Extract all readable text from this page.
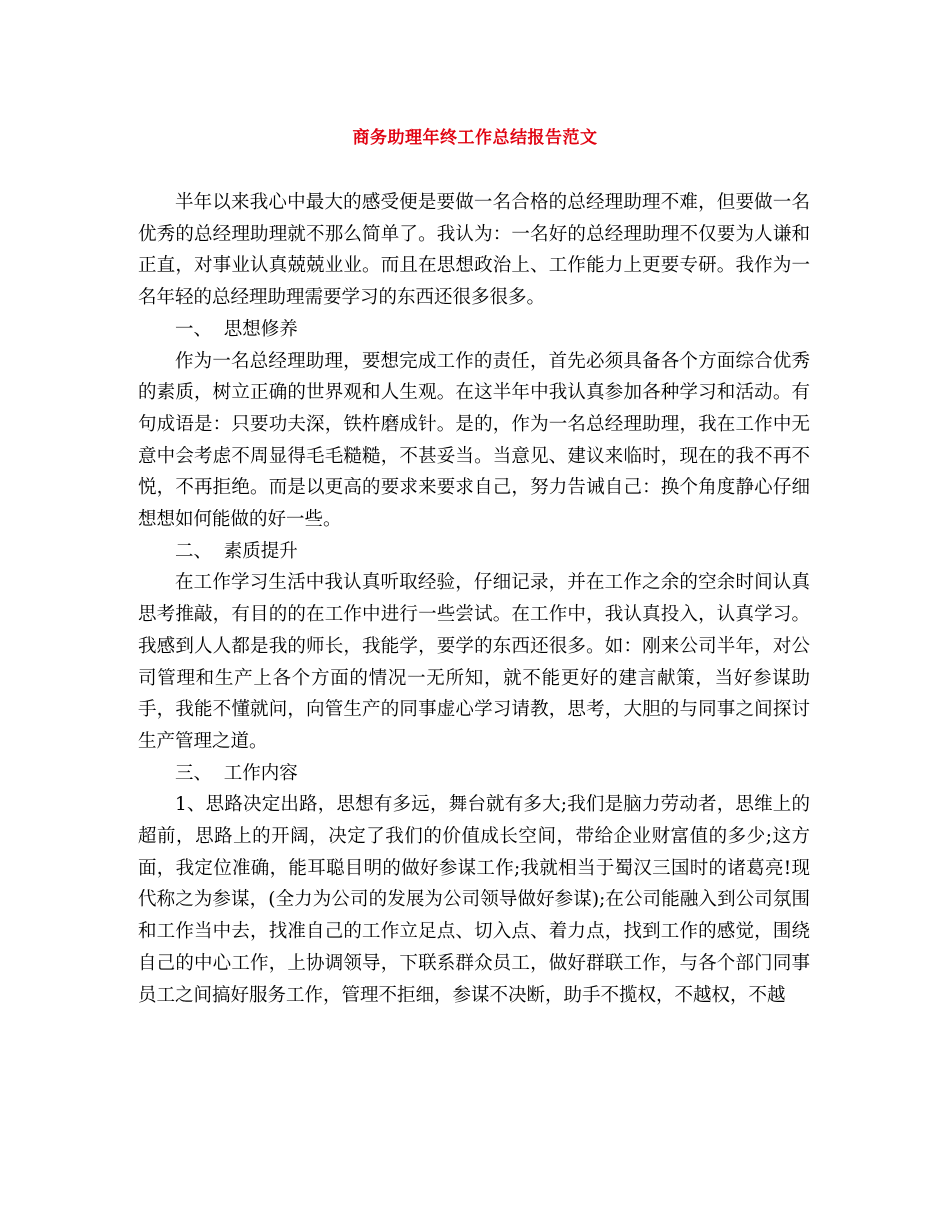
商务助理年终工作总结报告范文

半年以来我心中最大的感受便是要做一名合格的总经理助理不难，但要做一名优秀的总经理助理就不那么简单了。我认为：一名好的总经理助理不仅要为人谦和正直，对事业认真兢兢业业。而且在思想政治上、工作能力上更要专研。我作为一名年轻的总经理助理需要学习的东西还很多很多。

一、  思想修养

作为一名总经理助理，要想完成工作的责任，首先必须具备各个方面综合优秀的素质，树立正确的世界观和人生观。在这半年中我认真参加各种学习和活动。有句成语是：只要功夫深，铁杵磨成针。是的，作为一名总经理助理，我在工作中无意中会考虑不周显得毛毛糙糙，不甚妥当。当意见、建议来临时，现在的我不再不悦，不再拒绝。而是以更高的要求来要求自己，努力告诫自己：换个角度静心仔细想想如何能做的好一些。

二、  素质提升

在工作学习生活中我认真听取经验，仔细记录，并在工作之余的空余时间认真思考推敲，有目的的在工作中进行一些尝试。在工作中，我认真投入，认真学习。我感到人人都是我的师长，我能学，要学的东西还很多。如：刚来公司半年，对公司管理和生产上各个方面的情况一无所知，就不能更好的建言献策，当好参谋助手，我能不懂就问，向管生产的同事虚心学习请教，思考，大胆的与同事之间探讨生产管理之道。

三、  工作内容

1、思路决定出路，思想有多远，舞台就有多大;我们是脑力劳动者，思维上的超前，思路上的开阔，决定了我们的价值成长空间，带给企业财富值的多少;这方面，我定位准确，能耳聪目明的做好参谋工作;我就相当于蜀汉三国时的诸葛亮!现代称之为参谋，(全力为公司的发展为公司领导做好参谋);在公司能融入到公司氛围和工作当中去，找准自己的工作立足点、切入点、着力点，找到工作的感觉，围绕自己的中心工作，上协调领导，下联系群众员工，做好群联工作，与各个部门同事员工之间搞好服务工作，管理不拒细，参谋不决断，助手不揽权，不越权，不越
